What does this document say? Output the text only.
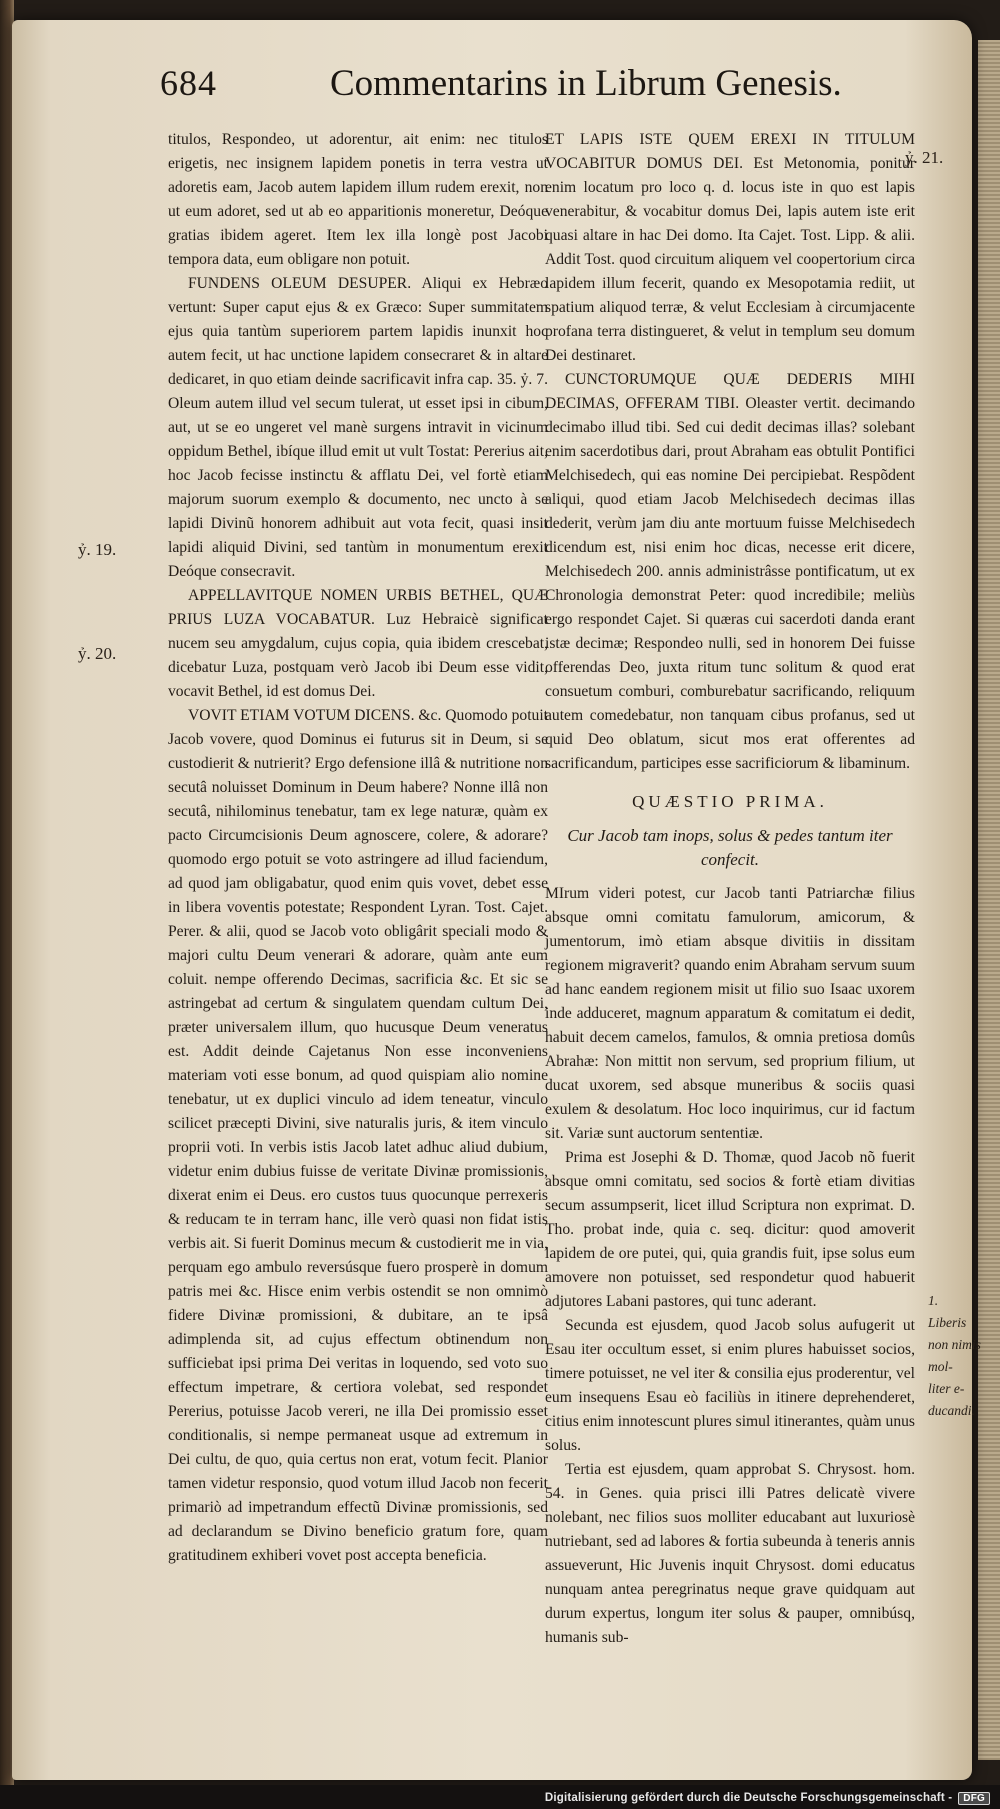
684	Commentarins in Librum Genesis.
ỷ. 19.
ỷ. 20.
ỷ. 21.

titulos, Respondeo, ut adorentur, ait enim: nec titulos erigetis, nec insignem lapidem ponetis in terra vestra ut adoretis eam, Jacob autem lapidem illum rudem erexit, non ut eum adoret, sed ut ab eo apparitionis moneretur, Deóque gratias ibidem ageret. Item lex illa longè post Jacobi tempora data, eum obligare non potuit.

FUNDENS OLEUM DESUPER. Aliqui ex Hebræo vertunt: Super caput ejus & ex Græco: Super summitatem ejus quia tantùm superiorem partem lapidis inunxit hoc autem fecit, ut hac unctione lapidem consecraret & in altare dedicaret, in quo etiam deinde sacrificavit infra cap. 35. ỷ. 7. Oleum autem illud vel secum tulerat, ut esset ipsi in cibum, aut, ut se eo ungeret vel manè surgens intravit in vicinum oppidum Bethel, ibíque illud emit ut vult Tostat: Pererius ait, hoc Jacob fecisse instinctu & afflatu Dei, vel fortè etiam majorum suorum exemplo & documento, nec uncto à se lapidi Divinũ honorem adhibuit aut vota fecit, quasi insit lapidi aliquid Divini, sed tantùm in monumentum erexit Deóque consecravit.

APPELLAVITQUE NOMEN URBIS BETHEL, QUÆ PRIUS LUZA VOCABATUR. Luz Hebraicè significat nucem seu amygdalum, cujus copia, quia ibidem crescebat, dicebatur Luza, postquam verò Jacob ibi Deum esse vidit, vocavit Bethel, id est domus Dei.

VOVIT ETIAM VOTUM DICENS. &c. Quomodo potuit Jacob vovere, quod Dominus ei futurus sit in Deum, si se custodierit & nutrierit? Ergo defensione illâ & nutritione non secutâ noluisset Dominum in Deum habere? Nonne illâ non secutâ, nihilominus tenebatur, tam ex lege naturæ, quàm ex pacto Circumcisionis Deum agnoscere, colere, & adorare? quomodo ergo potuit se voto astringere ad illud faciendum, ad quod jam obligabatur, quod enim quis vovet, debet esse in libera voventis potestate; Respondent Lyran. Tost. Cajet. Perer. & alii, quod se Jacob voto obligârit speciali modo & majori cultu Deum venerari & adorare, quàm ante eum coluit. nempe offerendo Decimas, sacrificia &c. Et sic se astringebat ad certum & singulatem quendam cultum Dei, præter universalem illum, quo hucusque Deum veneratus est. Addit deinde Cajetanus Non esse inconveniens materiam voti esse bonum, ad quod quispiam alio nomine tenebatur, ut ex duplici vinculo ad idem teneatur, vinculo scilicet præcepti Divini, sive naturalis juris, & item vinculo proprii voti. In verbis istis Jacob latet adhuc aliud dubium, videtur enim dubius fuisse de veritate Divinæ promissionis, dixerat enim ei Deus. ero custos tuus quocunque perrexeris & reducam te in terram hanc, ille verò quasi non fidat istis verbis ait. Si fuerit Dominus mecum & custodierit me in via, perquam ego ambulo reversúsque fuero prosperè in domum patris mei &c. Hisce enim verbis ostendit se non omnimò fidere Divinæ promissioni, & dubitare, an te ipsâ adimplenda sit, ad cujus effectum obtinendum non sufficiebat ipsi prima Dei veritas in loquendo, sed voto suo effectum impetrare, & certiora volebat, sed respondet Pererius, potuisse Jacob vereri, ne illa Dei promissio esset conditionalis, si nempe permaneat usque ad extremum in Dei cultu, de quo, quia certus non erat, votum fecit. Planior tamen videtur responsio, quod votum illud Jacob non fecerit primariò ad impetrandum effectũ Divinæ promissionis, sed ad declarandum se Divino beneficio gratum fore, quam gratitudinem exhiberi vovet post accepta beneficia.

ET LAPIS ISTE QUEM EREXI IN TITULUM VOCABITUR DOMUS DEI. Est Metonomia, ponitur enim locatum pro loco q. d. locus iste in quo est lapis venerabitur, & vocabitur domus Dei, lapis autem iste erit quasi altare in hac Dei domo. Ita Cajet. Tost. Lipp. & alii. Addit Tost. quod circuitum aliquem vel coopertorium circa lapidem illum fecerit, quando ex Mesopotamia rediit, ut spatium aliquod terræ, & velut Ecclesiam à circumjacente profana terra distingueret, & velut in templum seu domum Dei destinaret.

CUNCTORUMQUE QUÆ DEDERIS MIHI DECIMAS, OFFERAM TIBI. Oleaster vertit. decimando decimabo illud tibi. Sed cui dedit decimas illas? solebant enim sacerdotibus dari, prout Abraham eas obtulit Pontifici Melchisedech, qui eas nomine Dei percipiebat. Respõdent aliqui, quod etiam Jacob Melchisedech decimas illas dederit, verùm jam diu ante mortuum fuisse Melchisedech dicendum est, nisi enim hoc dicas, necesse erit dicere, Melchisedech 200. annis administrâsse pontificatum, ut ex Chronologia demonstrat Peter: quod incredibile; meliùs ergo respondet Cajet. Si quæras cui sacerdoti danda erant istæ decimæ; Respondeo nulli, sed in honorem Dei fuisse offerendas Deo, juxta ritum tunc solitum & quod erat consuetum comburi, comburebatur sacrificando, reliquum autem comedebatur, non tanquam cibus profanus, sed ut quid Deo oblatum, sicut mos erat offerentes ad sacrificandum, participes esse sacrificiorum & libaminum.

QUÆSTIO PRIMA.
Cur Jacob tam inops, solus & pedes tantum iter confecit.

MIrum videri potest, cur Jacob tanti Patriarchæ filius absque omni comitatu famulorum, amicorum, & jumentorum, imò etiam absque divitiis in dissitam regionem migraverit? quando enim Abraham servum suum ad hanc eandem regionem misit ut filio suo Isaac uxorem inde adduceret, magnum apparatum & comitatum ei dedit, habuit decem camelos, famulos, & omnia pretiosa domûs Abrahæ: Non mittit non servum, sed proprium filium, ut ducat uxorem, sed absque muneribus & sociis quasi exulem & desolatum. Hoc loco inquirimus, cur id factum sit. Variæ sunt auctorum sententiæ.

Prima est Josephi & D. Thomæ, quod Jacob nõ fuerit absque omni comitatu, sed socios & fortè etiam divitias secum assumpserit, licet illud Scriptura non exprimat. D. Tho. probat inde, quia c. seq. dicitur: quod amoverit lapidem de ore putei, qui, quia grandis fuit, ipse solus eum amovere non potuisset, sed respondetur quod habuerit adjutores Labani pastores, qui tunc aderant.

Secunda est ejusdem, quod Jacob solus aufugerit ut Esau iter occultum esset, si enim plures habuisset socios, timere potuisset, ne vel iter & consilia ejus proderentur, vel eum insequens Esau eò faciliùs in itinere deprehenderet, citius enim innotescunt plures simul itinerantes, quàm unus solus.

Tertia est ejusdem, quam approbat S. Chrysost. hom. 54. in Genes. quia prisci illi Patres delicatè vivere nolebant, nec filios suos molliter educabant aut luxuriosè nutriebant, sed ad labores & fortia subeunda à teneris annis assueverunt, Hic Juvenis inquit Chrysost. domi educatus nunquam antea peregrinatus neque grave quidquam aut durum expertus, longum iter solus & pauper, omnibúsq, humanis sub-

1.
Liberis
non nimis mol-
liter e-
ducandi.
Digitalisierung gefördert durch die Deutsche Forschungsgemeinschaft - DFG
